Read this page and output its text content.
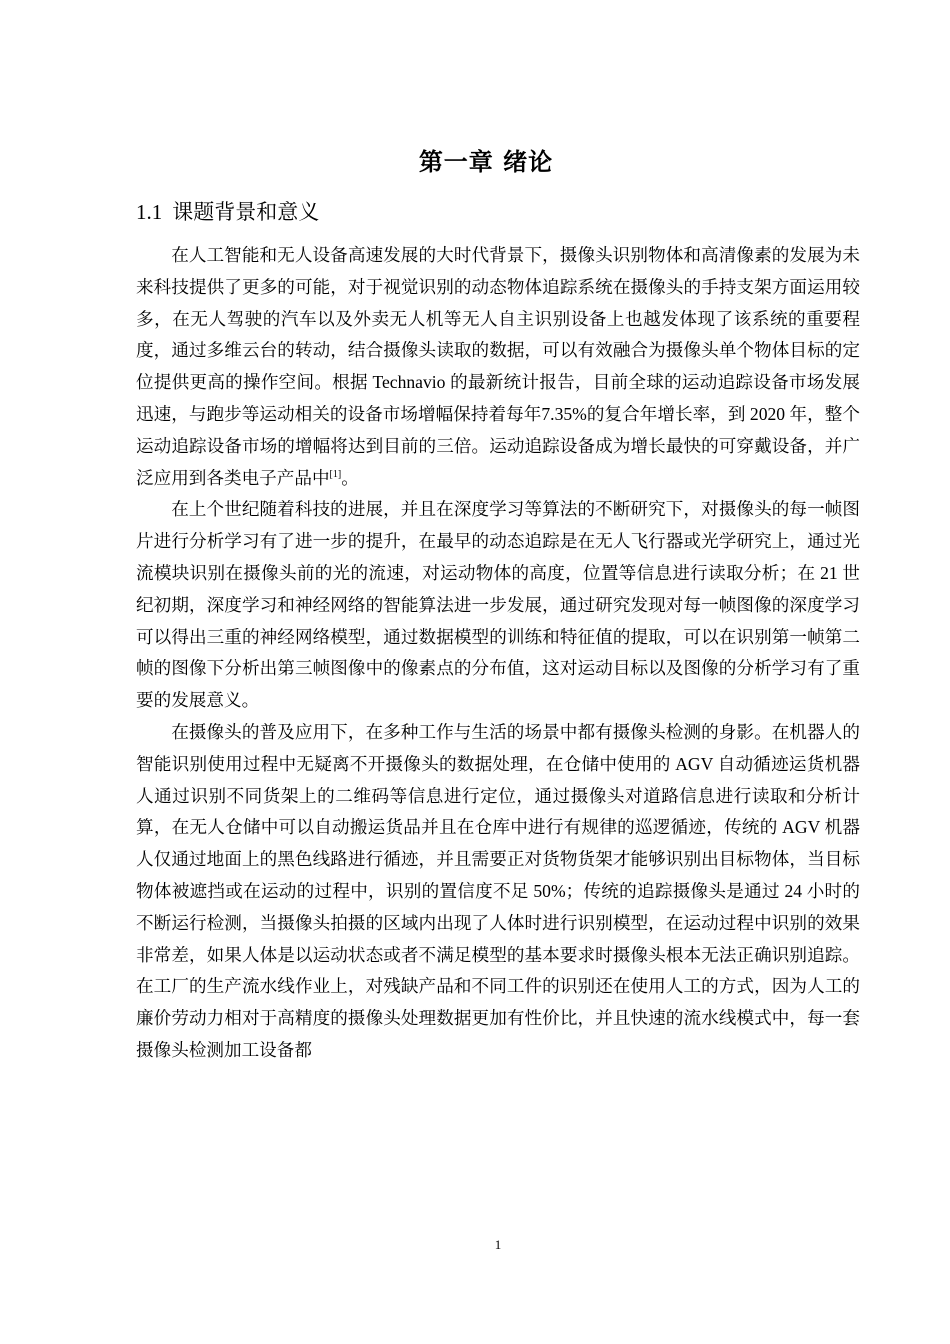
第一章 绪论
1.1 课题背景和意义

在人工智能和无人设备高速发展的大时代背景下，摄像头识别物体和高清像素的发展为未来科技提供了更多的可能，对于视觉识别的动态物体追踪系统在摄像头的手持支架方面运用较多，在无人驾驶的汽车以及外卖无人机等无人自主识别设备上也越发体现了该系统的重要程度，通过多维云台的转动，结合摄像头读取的数据，可以有效融合为摄像头单个物体目标的定位提供更高的操作空间。根据 Technavio 的最新统计报告，目前全球的运动追踪设备市场发展迅速，与跑步等运动相关的设备市场增幅保持着每年7.35%的复合年增长率，到 2020 年，整个运动追踪设备市场的增幅将达到目前的三倍。运动追踪设备成为增长最快的可穿戴设备，并广泛应用到各类电子产品中[1]。

在上个世纪随着科技的进展，并且在深度学习等算法的不断研究下，对摄像头的每一帧图片进行分析学习有了进一步的提升，在最早的动态追踪是在无人飞行器或光学研究上，通过光流模块识别在摄像头前的光的流速，对运动物体的高度，位置等信息进行读取分析；在 21 世纪初期，深度学习和神经网络的智能算法进一步发展，通过研究发现对每一帧图像的深度学习可以得出三重的神经网络模型，通过数据模型的训练和特征值的提取，可以在识别第一帧第二帧的图像下分析出第三帧图像中的像素点的分布值，这对运动目标以及图像的分析学习有了重要的发展意义。

在摄像头的普及应用下，在多种工作与生活的场景中都有摄像头检测的身影。在机器人的智能识别使用过程中无疑离不开摄像头的数据处理，在仓储中使用的 AGV 自动循迹运货机器人通过识别不同货架上的二维码等信息进行定位，通过摄像头对道路信息进行读取和分析计算，在无人仓储中可以自动搬运货品并且在仓库中进行有规律的巡逻循迹，传统的 AGV 机器人仅通过地面上的黑色线路进行循迹，并且需要正对货物货架才能够识别出目标物体，当目标物体被遮挡或在运动的过程中，识别的置信度不足 50%；传统的追踪摄像头是通过 24 小时的不断运行检测，当摄像头拍摄的区域内出现了人体时进行识别模型，在运动过程中识别的效果非常差，如果人体是以运动状态或者不满足模型的基本要求时摄像头根本无法正确识别追踪。在工厂的生产流水线作业上，对残缺产品和不同工件的识别还在使用人工的方式，因为人工的廉价劳动力相对于高精度的摄像头处理数据更加有性价比，并且快速的流水线模式中，每一套摄像头检测加工设备都

1
